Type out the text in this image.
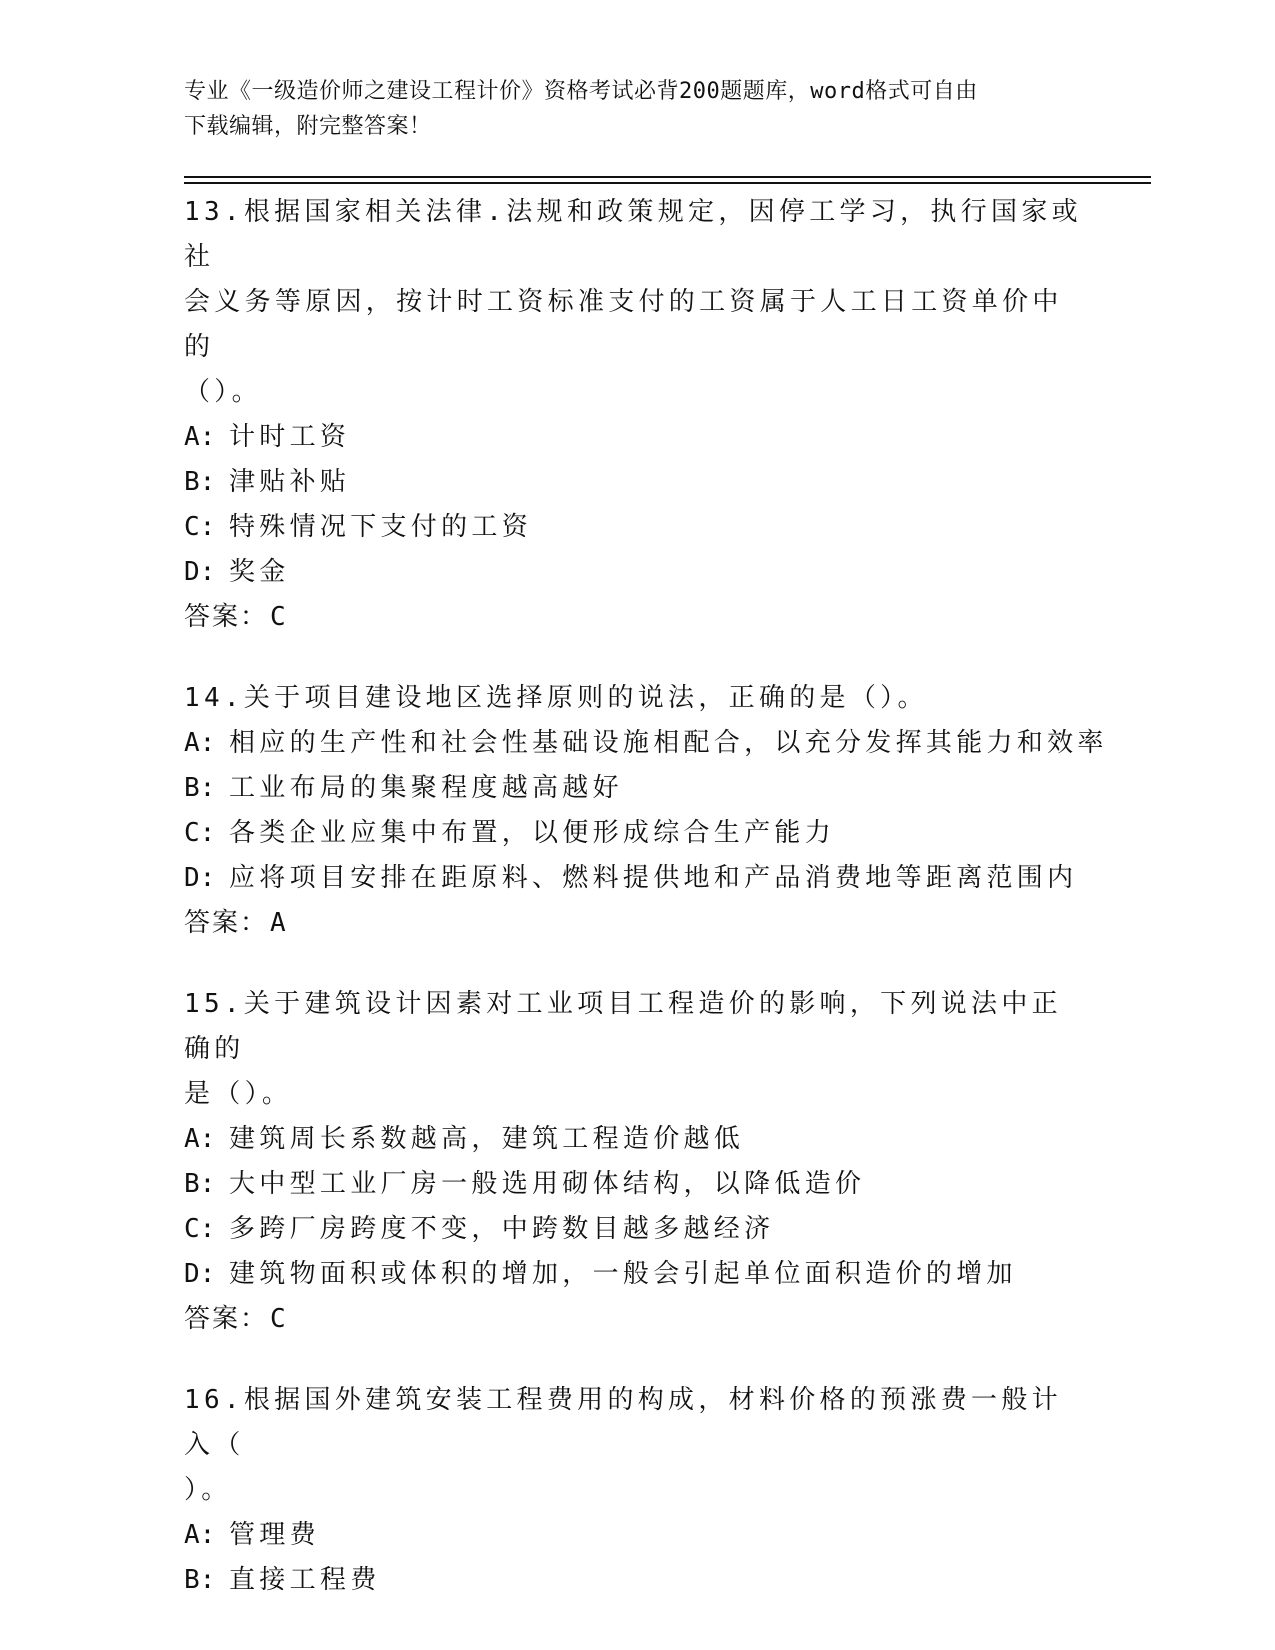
专业《一级造价师之建设工程计价》资格考试必背200题题库，word格式可自由
下载编辑，附完整答案！
13.根据国家相关法律.法规和政策规定，因停工学习，执行国家或社
会义务等原因，按计时工资标准支付的工资属于人工日工资单价中的
（）。
A: 计时工资
B: 津贴补贴
C: 特殊情况下支付的工资
D: 奖金
答案：C
14.关于项目建设地区选择原则的说法，正确的是（）。
A: 相应的生产性和社会性基础设施相配合，以充分发挥其能力和效率
B: 工业布局的集聚程度越高越好
C: 各类企业应集中布置，以便形成综合生产能力
D: 应将项目安排在距原料、燃料提供地和产品消费地等距离范围内
答案：A
15.关于建筑设计因素对工业项目工程造价的影响，下列说法中正确的
是（）。
A: 建筑周长系数越高，建筑工程造价越低
B: 大中型工业厂房一般选用砌体结构，以降低造价
C: 多跨厂房跨度不变，中跨数目越多越经济
D: 建筑物面积或体积的增加，一般会引起单位面积造价的增加
答案：C
16.根据国外建筑安装工程费用的构成，材料价格的预涨费一般计入（
）。
A: 管理费
B: 直接工程费
